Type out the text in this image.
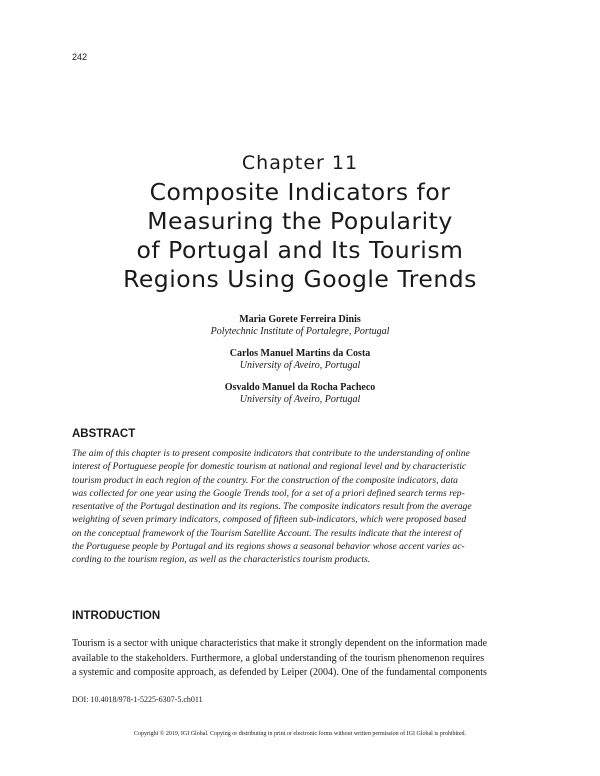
242
Chapter 11
Composite Indicators for
Measuring the Popularity
of Portugal and Its Tourism
Regions Using Google Trends
Maria Gorete Ferreira Dinis
Polytechnic Institute of Portalegre, Portugal
Carlos Manuel Martins da Costa
University of Aveiro, Portugal
Osvaldo Manuel da Rocha Pacheco
University of Aveiro, Portugal
ABSTRACT
The aim of this chapter is to present composite indicators that contribute to the understanding of online
interest of Portuguese people for domestic tourism at national and regional level and by characteristic
tourism product in each region of the country. For the construction of the composite indicators, data
was collected for one year using the Google Trends tool, for a set of a priori defined search terms rep-
resentative of the Portugal destination and its regions. The composite indicators result from the average
weighting of seven primary indicators, composed of fifteen sub-indicators, which were proposed based
on the conceptual framework of the Tourism Satellite Account. The results indicate that the interest of
the Portuguese people by Portugal and its regions shows a seasonal behavior whose accent varies ac-
cording to the tourism region, as well as the characteristics tourism products.
INTRODUCTION
Tourism is a sector with unique characteristics that make it strongly dependent on the information made
available to the stakeholders. Furthermore, a global understanding of the tourism phenomenon requires
a systemic and composite approach, as defended by Leiper (2004). One of the fundamental components
DOI: 10.4018/978-1-5225-6307-5.ch011
Copyright © 2019, IGI Global. Copying or distributing in print or electronic forms without written permission of IGI Global is prohibited.
